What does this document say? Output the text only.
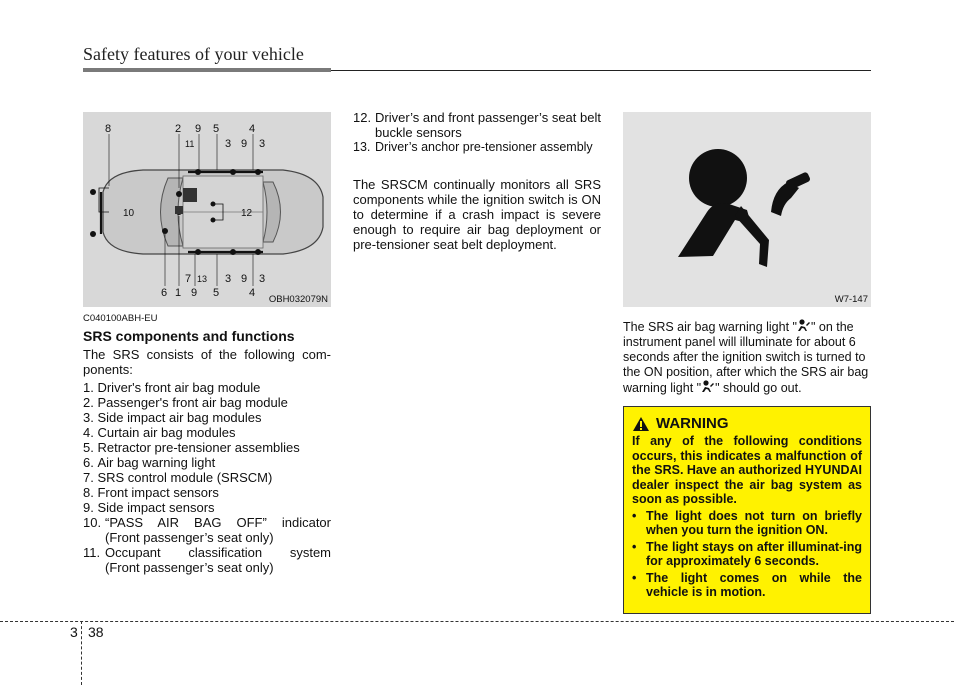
Safety features of your vehicle
8	2 9 5	4
11	3 9 3
10	12
7 13 3 9 3
6 1 9 5	4
OBH032079N
C040100ABH-EU
SRS components and functions
The SRS consists of the following com-ponents:
1. Driver's front air bag module
2. Passenger's front air bag module
3. Side impact air bag modules
4. Curtain air bag modules
5. Retractor pre-tensioner assemblies
6. Air bag warning light
7. SRS control module (SRSCM)
8. Front impact sensors
9. Side impact sensors
10. “PASS AIR BAG OFF” indicator
(Front passenger’s seat only)
11. Occupant classification system
(Front passenger’s seat only)
12. Driver’s and front passenger’s seat belt buckle sensors
13. Driver’s anchor pre-tensioner assembly
The SRSCM continually monitors all SRS components while the ignition switch is ON to determine if a crash impact is severe enough to require air bag deployment or pre-tensioner seat belt deployment.
W7-147
The SRS air bag warning light " " on the instrument panel will illuminate for about 6 seconds after the ignition switch is turned to the ON position, after which the SRS air bag warning light " " should go out.
WARNING
If any of the following conditions occurs, this indicates a malfunction of the SRS. Have an authorized HYUNDAI dealer inspect the air bag system as soon as possible.
• The light does not turn on briefly when you turn the ignition ON.
• The light stays on after illuminat-ing for approximately 6 seconds.
• The light comes on while the vehicle is in motion.
3 38
